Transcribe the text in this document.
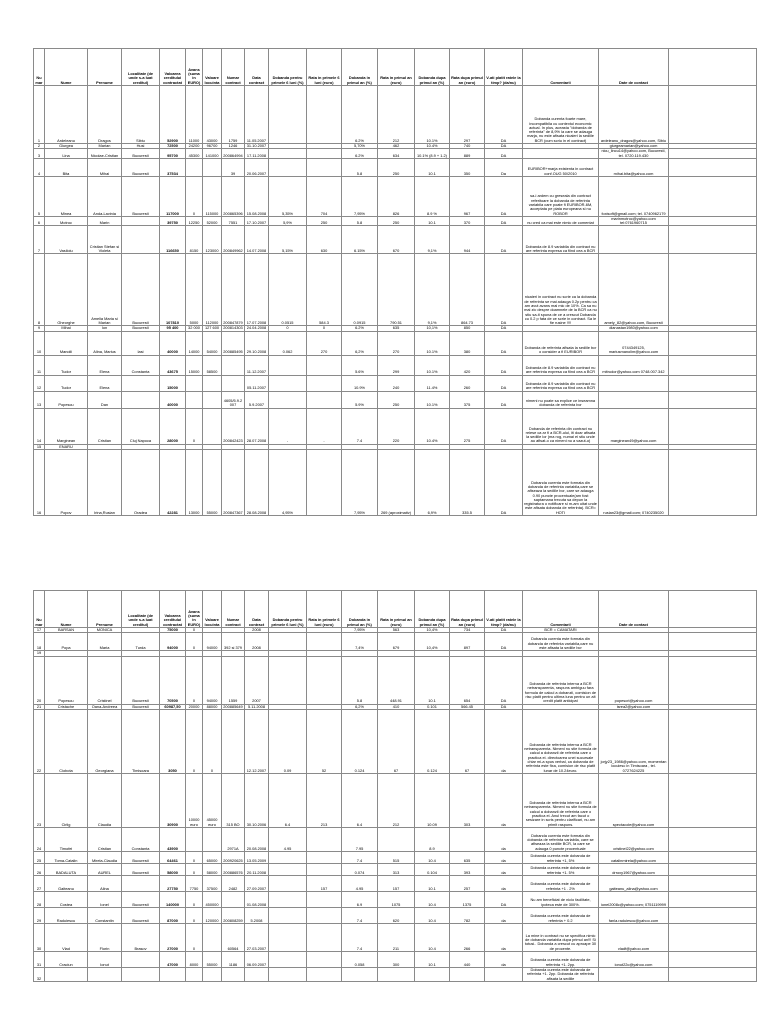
Numar	Nume	Prenume	Localitate (de unde s-a luat creditul)	Valoarea creditului contractat	Avans (suma in EURO)	Valoare locuinta	Numar contract	Data contract	Dobanda pentru primele 6 luni (%)	Rata in primele 6 luni (euro)	Dobanda in primul an (%)	Rata in primul an (euro)	Dobanda dupa primul an (%)	Rata dupa primul an (euro)	V-ati platit ratele la timp? (da/nu)	Comentarii	Date de contact	
1	Ardeleanu	Dragos	Sibiu	52900	11000	43000	1759	11.05.2007			6.2%	212	10.1%	297	DA	Dobanda curenta foarte mare, incompatibila cu contextul economic actual. In plus, aceasta "dobanda de referinta" de 8,9% la care se adauga marja, nu este afisata nicaieri la sediile BCR (cum scriu in el contract)	ardeleanu_dragos@yahoo.com, Sibiu	
2	Giurgea	Marian	Husi	72500	24200	96700	1246	31.10.2007			5,70%	462	10.4%	740	DA		giurgeamarian@yahoo.com	
3	Lina	Nicolae-Cristian	Bucuresti	95700	45300	141000	200864994	17.11.2008			6.2%	634	10.1% (8.9 + 1.2)	889	DA		nicu_lincu14@yahoo.com, Bucuresti, tel. 0720.119.430	
4	Bita	Mihai	Bucuresti	37534			39	20.06.2007			5.8	250	10.1	350	Da	EURIBOR+marja existenta in contract conf.OUG 50/2010	mihai.bita@yahoo.com	
5	Minea	Anda-Lavinia	Bucuresti	117000	0	115000	200865396	15.08.2008	5,35%	704	7,95%	826	8.9 %	967	DA	sa-i ardem cu greseala din contract referitoare la dobanda de referinta variabila care poate fi EURIBOR-6M, acceptata pe piata europeana si nu ROBOR	foxisoft@gmail.com; tel. 0740962179	
6	Motroc	Marin		39750	12250	52000	7551	17.10.2007	5,9%	250	5.8	250	10.1	370	DA	nu cred ca mai este nimic de comentat	marinmotroc@yahoo.com tel:0761960715	
7	Vasiloiu	Cristian Stefan si Violeta		116650	8150	123000	200849962	14.07.2008	5,15%	630	6.15%	670	9,1%	944	DA	Dobanda de 8.9 variabila din contract nu are referinta expresa ca fiind cea a BCR		
8	Gheorghe	Amelia Maria si Marian	Bucuresti	107810	5000	112000	200847879	17.07.2008	0.0515	584.3	0.0915	790.51	9,1%	864.73	DA	nicaieri in contract nu scrie ca la dobanda de referinta se mai adauga 0.2p pentru ca am avut avans mai mic de 10%. Ca sa nu mai zic despre doamnele de la BCR ca nu stiu sa-ti spuna de ce a crescut Dobanda cu 0.2 p fata de ce scrie in contract. Sa le fie rusine !!!!	amely_82@yahoo.com, Bucuresti	
9	Mihai	Ion	Bucuresti	95 400	32 000	127 600	200814303	24.04.2008	0	0	6.2%	635	10,1%	850	DA		dianastan1980@yahoo.com	
10	Manolii	Alina, Marius	Iasi	40000	14000	54000	200885495	29.10.2008	0.062	270	6,2%	270	10.1%	380	DA	Dobanda de referinta afisata la sediile bcr o consider a fi EURIBOR	0744349125, mariusmanolim@yahoo.com	
11	Tudor	Elena	Constanta	43675	15000	58500		11.12.2007			5.6%	299	10.1%	420	DA	Dobanda de 8.9 variabila din contract nu are referinta expresa ca fiind cea a BCR	mitrudor@yahoo.com 0748.007.342	
12	Tudor	Elena		15000				05.11.2007			10.9%	240	11.4%	260	DA	Dobanda de 8.9 variabila din contract nu are referinta expresa ca fiind cea a BCR		
13	Popescu	Dan		40000			4605/5.9.2007	5.9.2007			5.9%	250	10.1%	375	DA	nimeni nu poate sa explice ce inseamna dobanda de referinta bcr		
14	Marginean	Cristian	Cluj Napoca	28000	0		200842423	28.07.2008	-	-	7.4	220	10.4%	275	DA	Dobanda de referinta din contract nu reiese ca ar fi a BCR-ului, iti doar afisata la sediile lor (ma rog, numai ei stiu unde au afisat-o ca nimeni nu a vazut-o)	marginean49@yahoo.com	
15	ENARU																	
16	Popov	Irina,Rusian	Oradea	42281	13000	55000	200847367	28.08.2008	4,95%		7,95%	269 (aproximativ)	6,9%	335.5	DA	Dobanda curenta este formata din dobanda de referinta variabila,care se afiseaza la sediile bcr, care se adauga 0.90 puncte procentuale(am fost saptamana trecuta sa depun la registratura o notificare si m-am uitat unde este afisata dobanda de referinta). BCR= HOTI	rusian23@gmail.com; 0740235020	
Numar	Nume	Prenume	Localitate (de unde s-a luat creditul)	Valoarea creditului contractat	Avans (suma in EURO)	Valoare locuinta	Numar contract	Data contract	Dobanda pentru primele 6 luni (%)	Rata in primele 6 luni (euro)	Dobanda in primul an (%)	Rata in primul an (euro)	Dobanda dupa primul an (%)	Rata dupa primul an (euro)	V-ati platit ratele la timp? (da/nu)	Comentarii	Date de contact	
17	BARSAN	MONICA		75000	0			2008			7,95%	563	10,4%	734	DA	BCR = CAMATARI		
18	Popa	Maria	Turda	94000	0	94000	392 si 379	2008			7,4%	679	10,4%	897	DA	Dobanda curenta este formata din dobanda de referinta variabila,care nu este afisata la sediile bcr		
19																		
20	Popescu	Cristinel	Bucuresti	70500	0	94000	1559	2007			5.8	448.91	10.1	654	DA	Dobanda de referinta interna a BCR netransparenta, raspuns ambiguu fara formula de calcul a dobanzii, comision de risc platit pentru ultima luna pentru un alt credit platit anticipat	popescri@yahoo.com	
21	Cristache	Oana-Andreea	Bucuresti	60987,50	20000	88000	200885649	5.11.2008			6,2%	410	0.101	566.45	DA		isrea2@yahoo.com	
22	Ciobota	Georgiana	Timisoara	3050	0	0		12.12.2007	0.09	52	0.124	67	0.124	67	da	Dobanda de referinta interna a BCR netransparenta. Nimeni nu stie formula de calcul a dobanzii de referinta care o practica ei. directoarea unei sucursale chiar mi-a spus verbal, ca dobanda de referinta este fixa, comision de risc platit lunar de 10.24euro.	jorjy23_1986@yahoo.com, momentan locuiesc in Timisoara , tel. 0727624225	
23	Cirlig	Claudia		30900	10000 euro	45000 euro	315 BO	30.10.2006	6.4	213	6.4	212	10.09	303	da	Dobanda de referinta interna a BCR netransparenta. Nimeni nu stie formula de calcul a dobanzii de referinta care o practica ei. Anul trecut am facut o sesizare in scris pentru clarificari, nu am primit raspuns.	spectacole@yahoo.com	
24	Timofei	Cristian	Constanta	43900			2971A	20.08.2008	4.95		7.95		8.9		da	Dobanda curenta este formata din dobanda de referinta variabila, care se afiseaza la sediile BCR, la care se adauga 0 puncte procentuale	cristinel22@yahoo.com	
25	Toma-Catalin	Mirela-Claudia	Bucuresti	64461	0	65000	200920625	13.05.2009			7.4	515	10.4	635	da	Dobanda curenta este dobanda de referinta +1, 5%	catalinmirela@yahoo.com	
26	BADALUTA	AUREL	Bucuresti	58000	0	58000	200886576	20.11.2008			0.074	313	0.104	393	da	Dobanda curenta este dobanda de referinta +1. 5%	drroxy1967@yahoo.com	
27	Gaiteanu	Alina		27750	7750	37500	2482	27.09.2007		157	4.95	157	10.1	257	da	Dobanda curenta este dobanda de referinta +1 . 2%	gaiteanu_alina@yahoo.com	
28	Costea	Ionel	Bucuresti	140000	0	450000		01.08.2008			6.9	1075	10.4	1375	DA	Nu am beneficiat de nicio facilitate, ipoteca este de 300%.	ionel2008c@yahoo.com; 0751119999	
29	Raduiescu	Constantin	Bucuresti	87000	0	120000	200808259	5.2008			7.4	620	10.4	782	da	Dobanda curenta este dobanda de referinta + 0.2	fanla.raduiescu@yahoo.com	
30	Vlad	Florin	Brasov	27000	0		60564	27.03.2007			7.4	211	10.4	266	da	La mine in contract nu se specifica nimic de dobanda variabila dupa primul an!!! Si totusi.. Dobanda a crescut cu aproape 30 de procente.	vladf@yahoo.com	
31	Craciun	Ionut		47000	8000	55000	1186	06.09.2007			0.058	300	10.1	440	da	Dobanda curenta este dobanda de referinta +1. 2pp.	ionut22c@yahoo.com	
32																Dobanda curenta este dobanda de referinta +1. 2pp. Dobanda de referinta afisata la sediile		
